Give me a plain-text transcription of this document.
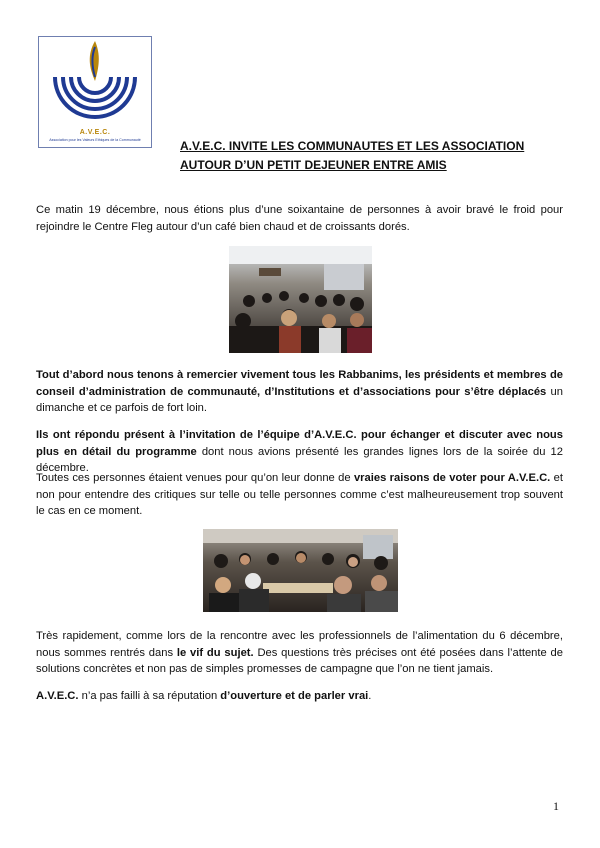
A.V.E.C.
Association pour les Valeurs Ethiques de la Communauté	A.V.E.C. INVITE LES COMMUNAUTES ET LES ASSOCIATION
AUTOUR D’UN PETIT DEJEUNER ENTRE AMIS
Ce matin 19 décembre, nous étions plus d’une soixantaine de personnes à avoir bravé le froid pour rejoindre le Centre Fleg autour d’un café bien chaud et de croissants dorés.
Tout d’abord nous tenons à remercier vivement tous les Rabbanims, les présidents et membres de conseil d’administration de communauté, d’Institutions et d’associations pour s’être déplacés un dimanche et ce parfois de fort loin.
Ils ont répondu présent à l’invitation de l’équipe d’A.V.E.C. pour échanger et discuter avec nous plus en détail du programme dont nous avions présenté les grandes lignes lors de la soirée du 12 décembre.
Toutes ces personnes étaient venues pour qu’on leur donne de vraies raisons de voter pour A.V.E.C. et non pour entendre des critiques sur telle ou telle personnes comme c’est malheureusement trop souvent le cas en ce moment.
Très rapidement, comme lors de la rencontre avec les professionnels de l’alimentation du 6 décembre, nous sommes rentrés dans le vif du sujet. Des questions très précises ont été posées dans l’attente de solutions concrètes et non pas de simples promesses de campagne que l’on ne tient jamais.
A.V.E.C. n’a pas failli à sa réputation d’ouverture et de parler vrai.
1
